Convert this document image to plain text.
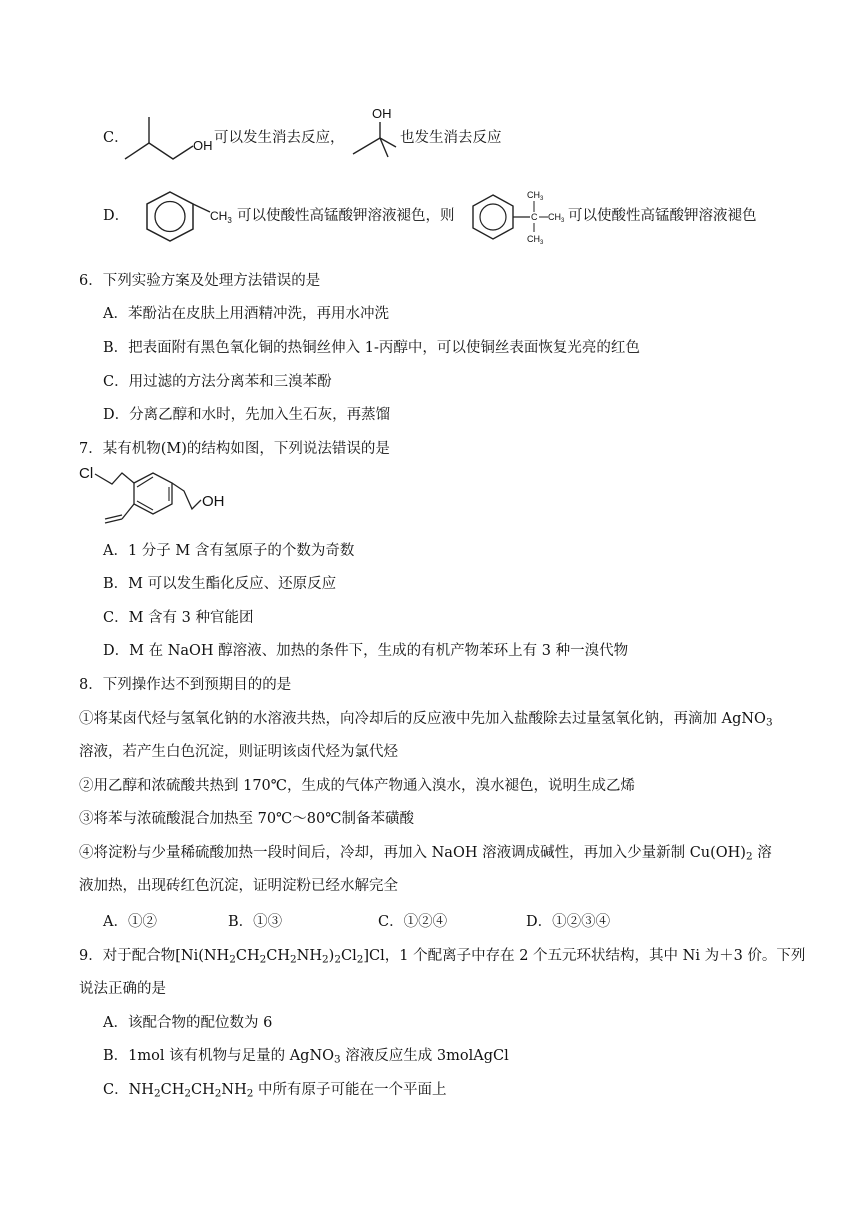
C．	OH 可以发生消去反应，
OH
也发生消去反应
D．	$CH_3$ 可以使酸性高锰酸钾溶液褪色，则
$CH_3$
C $CH_3$
$CH_3$
可以使酸性高锰酸钾溶液褪色
6．下列实验方案及处理方法错误的是
A．苯酚沾在皮肤上用酒精冲洗，再用水冲洗
B．把表面附有黑色氧化铜的热铜丝伸入 1-丙醇中，可以使铜丝表面恢复光亮的红色
C．用过滤的方法分离苯和三溴苯酚
D．分离乙醇和水时，先加入生石灰，再蒸馏
7．某有机物(M)的结构如图，下列说法错误的是
Cl
OH
A．1 分子 M 含有氢原子的个数为奇数
B．M 可以发生酯化反应、还原反应
C．M 含有 3 种官能团
D．M 在 NaOH 醇溶液、加热的条件下，生成的有机产物苯环上有 3 种一溴代物
8．下列操作达不到预期目的的是
①将某卤代烃与氢氧化钠的水溶液共热，向冷却后的反应液中先加入盐酸除去过量氢氧化钠，再滴加 AgNO$_3$
溶液，若产生白色沉淀，则证明该卤代烃为氯代烃
②用乙醇和浓硫酸共热到 170℃，生成的气体产物通入溴水，溴水褪色，说明生成乙烯
③将苯与浓硫酸混合加热至 70℃～80℃制备苯磺酸
④将淀粉与少量稀硫酸加热一段时间后，冷却，再加入 NaOH 溶液调成碱性，再加入少量新制 $Cu(OH)_2$ 溶
液加热，出现砖红色沉淀，证明淀粉已经水解完全
A．①②	B．①③	C．①②④	D．①②③④
9．对于配合物$[Ni(NH_2CH_2CH_2NH_2)_2Cl_2]Cl$，1 个配离子中存在 2 个五元环状结构，其中 Ni 为＋3 价。下列
说法正确的是
A．该配合物的配位数为 6
B．1mol 该有机物与足量的 AgNO$_3$ 溶液反应生成 3molAgCl
C．$NH_2CH_2CH_2NH_2$ 中所有原子可能在一个平面上
